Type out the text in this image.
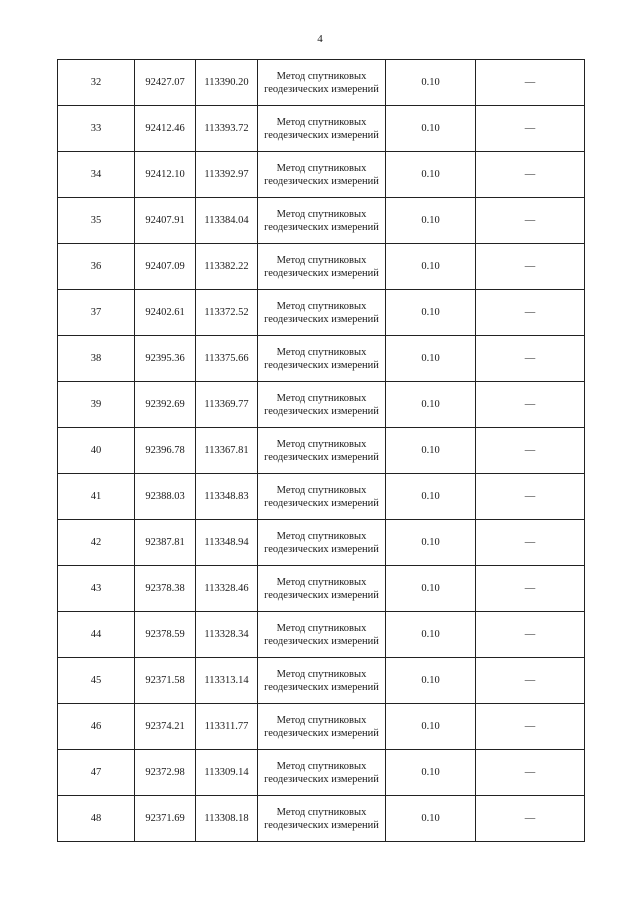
4
32	92427.07	113390.20	Метод спутниковых
геодезических измерений	0.10	—
33	92412.46	113393.72	Метод спутниковых
геодезических измерений	0.10	—
34	92412.10	113392.97	Метод спутниковых
геодезических измерений	0.10	—
35	92407.91	113384.04	Метод спутниковых
геодезических измерений	0.10	—
36	92407.09	113382.22	Метод спутниковых
геодезических измерений	0.10	—
37	92402.61	113372.52	Метод спутниковых
геодезических измерений	0.10	—
38	92395.36	113375.66	Метод спутниковых
геодезических измерений	0.10	—
39	92392.69	113369.77	Метод спутниковых
геодезических измерений	0.10	—
40	92396.78	113367.81	Метод спутниковых
геодезических измерений	0.10	—
41	92388.03	113348.83	Метод спутниковых
геодезических измерений	0.10	—
42	92387.81	113348.94	Метод спутниковых
геодезических измерений	0.10	—
43	92378.38	113328.46	Метод спутниковых
геодезических измерений	0.10	—
44	92378.59	113328.34	Метод спутниковых
геодезических измерений	0.10	—
45	92371.58	113313.14	Метод спутниковых
геодезических измерений	0.10	—
46	92374.21	113311.77	Метод спутниковых
геодезических измерений	0.10	—
47	92372.98	113309.14	Метод спутниковых
геодезических измерений	0.10	—
48	92371.69	113308.18	Метод спутниковых
геодезических измерений	0.10	—
